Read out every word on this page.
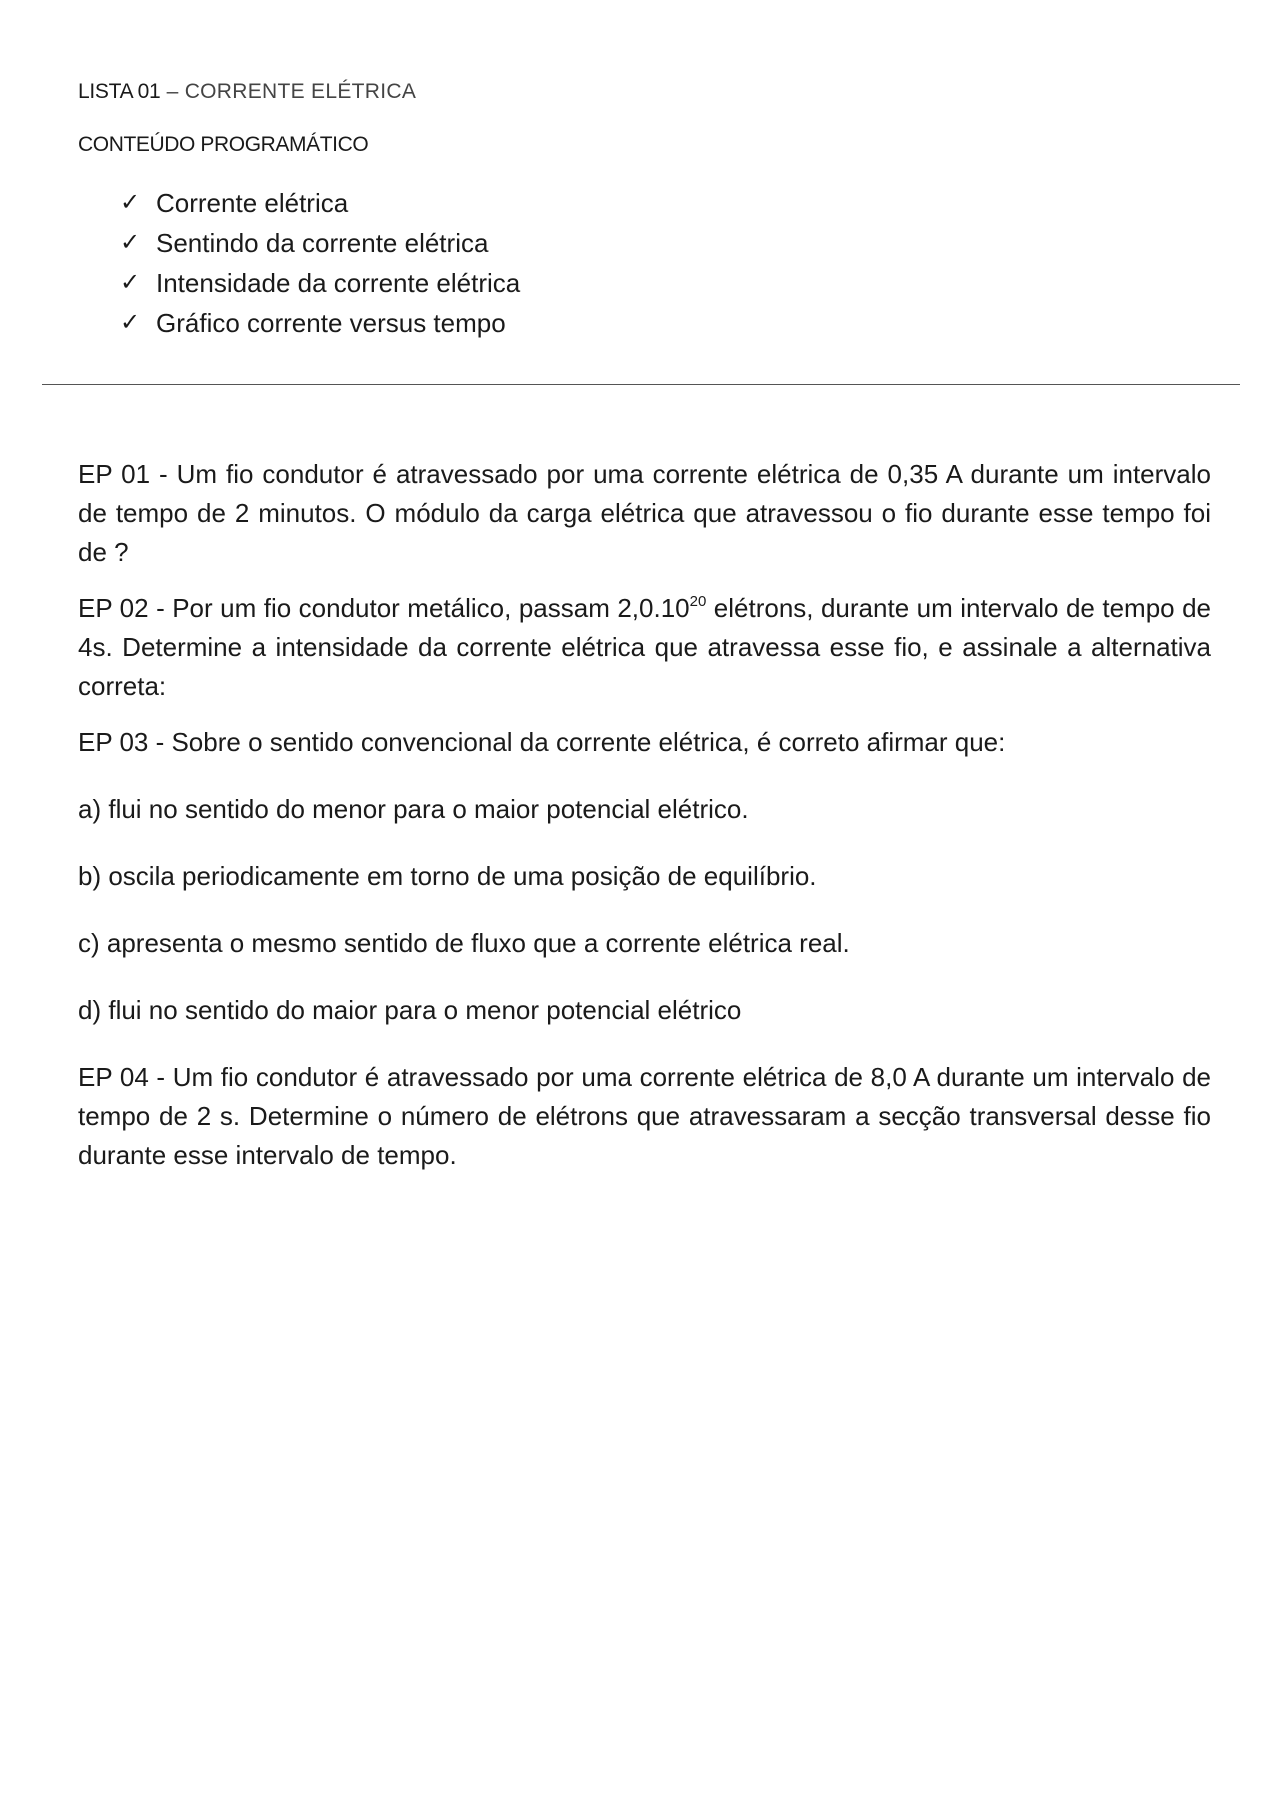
LISTA 01 – CORRENTE ELÉTRICA
CONTEÚDO PROGRAMÁTICO
✓ Corrente elétrica
✓ Sentindo da corrente elétrica
✓ Intensidade da corrente elétrica
✓ Gráfico corrente versus tempo

EP 01 - Um fio condutor é atravessado por uma corrente elétrica de 0,35 A durante um intervalo de tempo de 2 minutos. O módulo da carga elétrica que atravessou o fio durante esse tempo foi de ?

EP 02 - Por um fio condutor metálico, passam 2,0.10$^{20}$ elétrons, durante um intervalo de tempo de 4s. Determine a intensidade da corrente elétrica que atravessa esse fio, e assinale a alternativa correta:

EP 03 - Sobre o sentido convencional da corrente elétrica, é correto afirmar que:

a) flui no sentido do menor para o maior potencial elétrico.

b) oscila periodicamente em torno de uma posição de equilíbrio.

c) apresenta o mesmo sentido de fluxo que a corrente elétrica real.

d) flui no sentido do maior para o menor potencial elétrico

EP 04 - Um fio condutor é atravessado por uma corrente elétrica de 8,0 A durante um intervalo de tempo de 2 s. Determine o número de elétrons que atravessaram a secção transversal desse fio durante esse intervalo de tempo.
